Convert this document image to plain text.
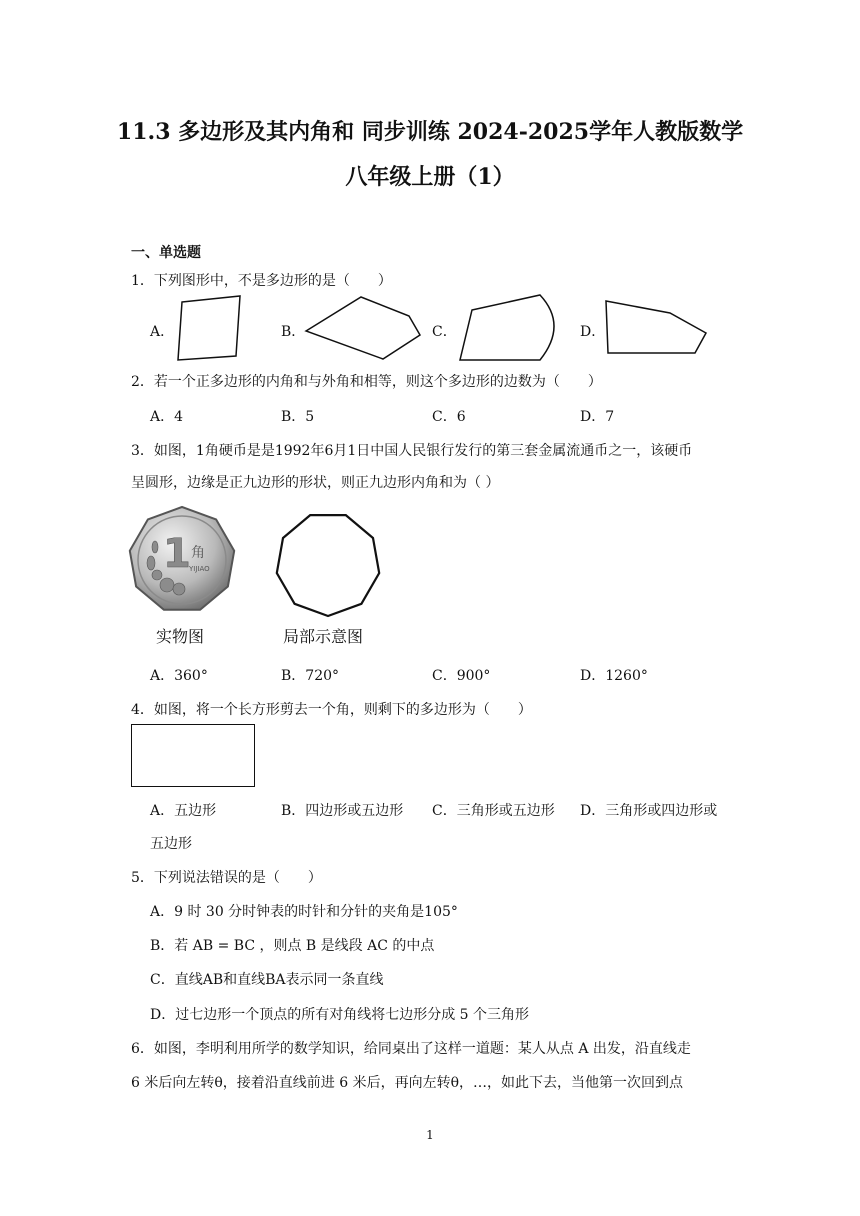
11.3 多边形及其内角和 同步训练 2024-2025学年人教版数学
八年级上册（1）
一、单选题
1．下列图形中，不是多边形的是（　　）
A．	B．	C．	D．
2．若一个正多边形的内角和与外角和相等，则这个多边形的边数为（　　）
A．4	B．5	C．6	D．7
3．如图，1角硬币是是1992年6月1日中国人民银行发行的第三套金属流通币之一，该硬币
呈圆形，边缘是正九边形的形状，则正九边形内角和为（ ）
1 角
YIJIAO
实物图	局部示意图
A．360°	B．720°	C．900°	D．1260°
4．如图，将一个长方形剪去一个角，则剩下的多边形为（　　）
A．五边形	B．四边形或五边形 C．三角形或五边形 D．三角形或四边形或
五边形
5．下列说法错误的是（　　）
A．9 时 30 分时钟表的时针和分针的夹角是105°
B．若 AB = BC ，则点 B 是线段 AC 的中点
C．直线AB和直线BA表示同一条直线
D．过七边形一个顶点的所有对角线将七边形分成 5 个三角形
6．如图，李明利用所学的数学知识，给同桌出了这样一道题：某人从点 A 出发，沿直线走
6 米后向左转θ，接着沿直线前进 6 米后，再向左转θ，…，如此下去，当他第一次回到点
1
